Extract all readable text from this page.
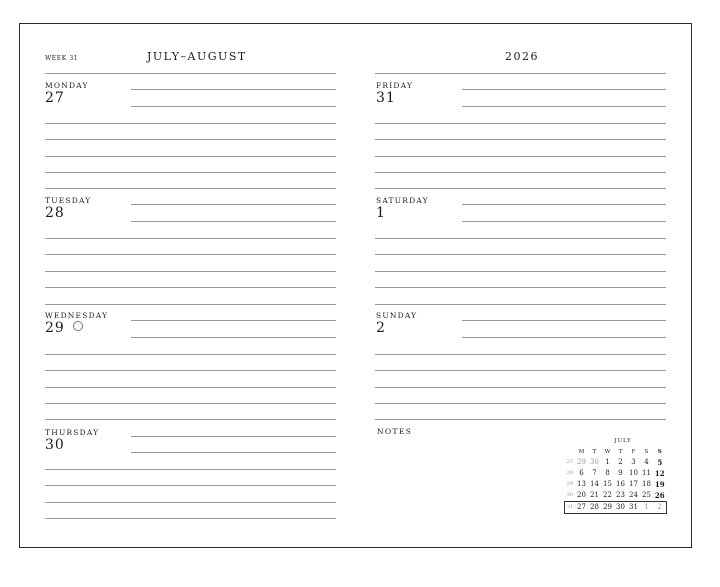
WEEK 31	JULY–AUGUST	2026
MONDAY
27
TUESDAY
28
WEDNESDAY
29
THURSDAY
30
FRIDAY
31
SATURDAY
1
SUNDAY
2
NOTES
JULY
	M	T	W	T	F	S	S
27	29	30	1	2	3	4	5
28	6	7	8	9	10	11	12
29	13	14	15	16	17	18	19
30	20	21	22	23	24	25	26
31	27	28	29	30	31	1	2
